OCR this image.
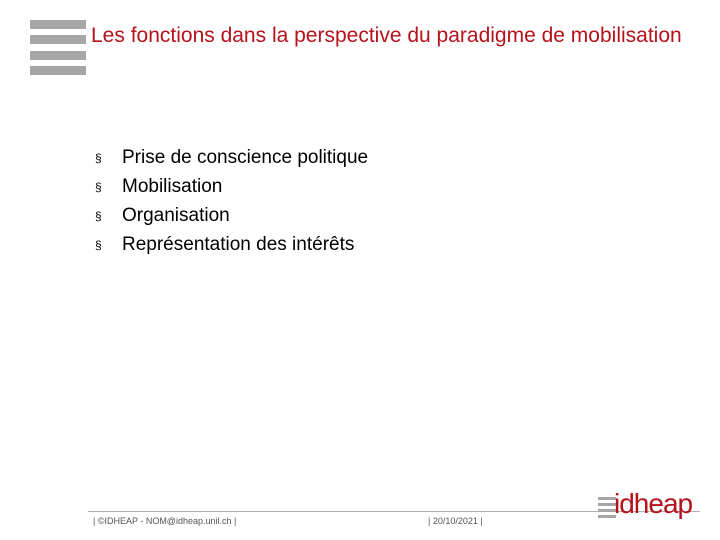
Les fonctions dans la perspective du paradigme de mobilisation
§	Prise de conscience politique
§	Mobilisation
§	Organisation
§	Représentation des intérêts
| ©IDHEAP - NOM@idheap.unil.ch |	| 20/10/2021 |
idheap
